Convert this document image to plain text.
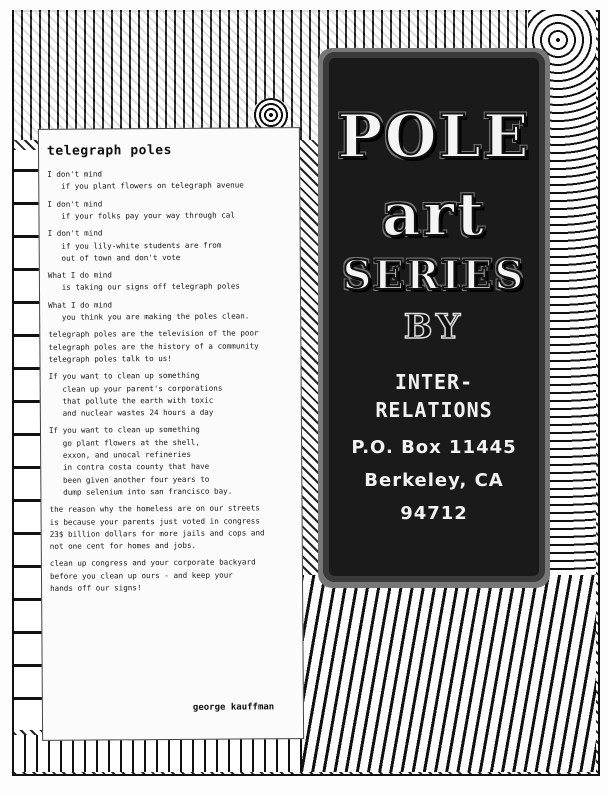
telegraph poles
I don't mind
if you plant flowers on telegraph avenue
I don't mind
if your folks pay your way through cal
I don't mind
if you lily-white students are from
out of town and don't vote
What I do mind
is taking our signs off telegraph poles
What I do mind
you think you are making the poles clean.
telegraph poles are the television of the poor
telegraph poles are the history of a community
telegraph poles talk to us!
If you want to clean up something
clean up your parent's corporations
that pollute the earth with toxic
and nuclear wastes 24 hours a day
If you want to clean up something
go plant flowers at the shell,
exxon, and unocal refineries
in contra costa county that have
been given another four years to
dump selenium into san francisco bay.
the reason why the homeless are on our streets
is because your parents just voted in congress
23$ billion dollars for more jails and cops and
not one cent for homes and jobs.
clean up congress and your corporate backyard
before you clean up ours - and keep your
hands off our signs!
george kauffman
POLE
art
SERIES
BY
INTER-
RELATIONS
P.O. Box 11445
Berkeley, CA
94712
